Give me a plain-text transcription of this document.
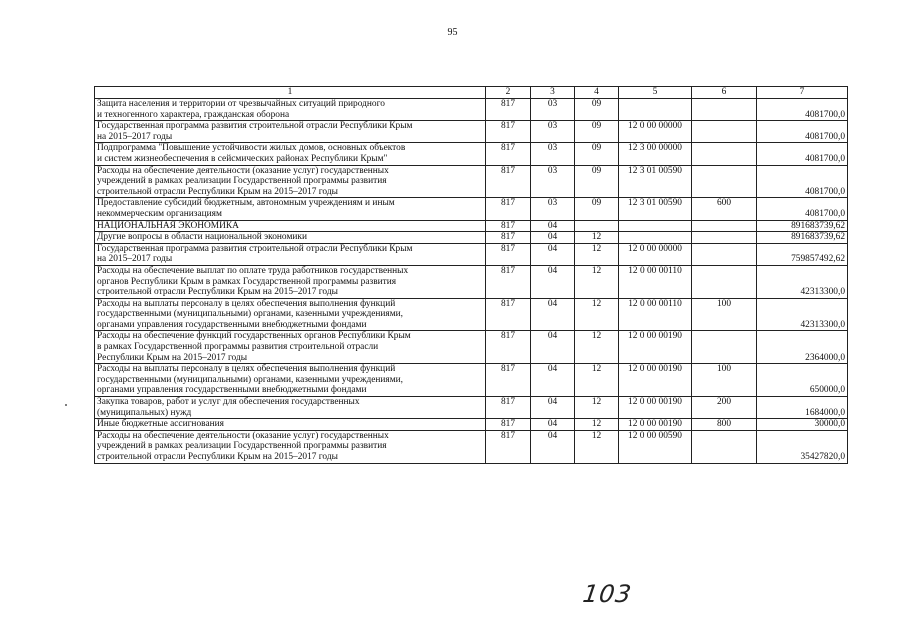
95
1	2	3	4	5	6	7

Защита населения и территории от чрезвычайных ситуаций природного
и техногенного характера, гражданская оборона	817	03	09			4081700,0

Государственная программа развития строительной отрасли Республики Крым
на 2015–2017 годы	817	03	09	12 0 00 00000		4081700,0

Подпрограмма "Повышение устойчивости жилых домов, основных объектов
и систем жизнеобеспечения в сейсмических районах Республики Крым"	817	03	09	12 3 00 00000		4081700,0

Расходы на обеспечение деятельности (оказание услуг) государственных
учреждений в рамках реализации Государственной программы развития
строительной отрасли Республики Крым на 2015–2017 годы	817	03	09	12 3 01 00590		4081700,0

Предоставление субсидий бюджетным, автономным учреждениям и иным
некоммерческим организациям	817	03	09	12 3 01 00590	600	4081700,0

НАЦИОНАЛЬНАЯ ЭКОНОМИКА	817	04				891683739,62

Другие вопросы в области национальной экономики	817	04	12			891683739,62

Государственная программа развития строительной отрасли Республики Крым
на 2015–2017 годы	817	04	12	12 0 00 00000		759857492,62

Расходы на обеспечение выплат по оплате труда работников государственных
органов Республики Крым в рамках Государственной программы развития
строительной отрасли Республики Крым на 2015–2017 годы	817	04	12	12 0 00 00110		42313300,0

Расходы на выплаты персоналу в целях обеспечения выполнения функций
государственными (муниципальными) органами, казенными учреждениями,
органами управления государственными внебюджетными фондами	817	04	12	12 0 00 00110	100	42313300,0

Расходы на обеспечение функций государственных органов Республики Крым
в рамках Государственной программы развития строительной отрасли
Республики Крым на 2015–2017 годы	817	04	12	12 0 00 00190		2364000,0

Расходы на выплаты персоналу в целях обеспечения выполнения функций
государственными (муниципальными) органами, казенными учреждениями,
органами управления государственными внебюджетными фондами	817	04	12	12 0 00 00190	100	650000,0

Закупка товаров, работ и услуг для обеспечения государственных
(муниципальных) нужд	817	04	12	12 0 00 00190	200	1684000,0

Иные бюджетные ассигнования	817	04	12	12 0 00 00190	800	30000,0

Расходы на обеспечение деятельности (оказание услуг) государственных
учреждений в рамках реализации Государственной программы развития
строительной отрасли Республики Крым на 2015–2017 годы	817	04	12	12 0 00 00590		35427820,0
103
